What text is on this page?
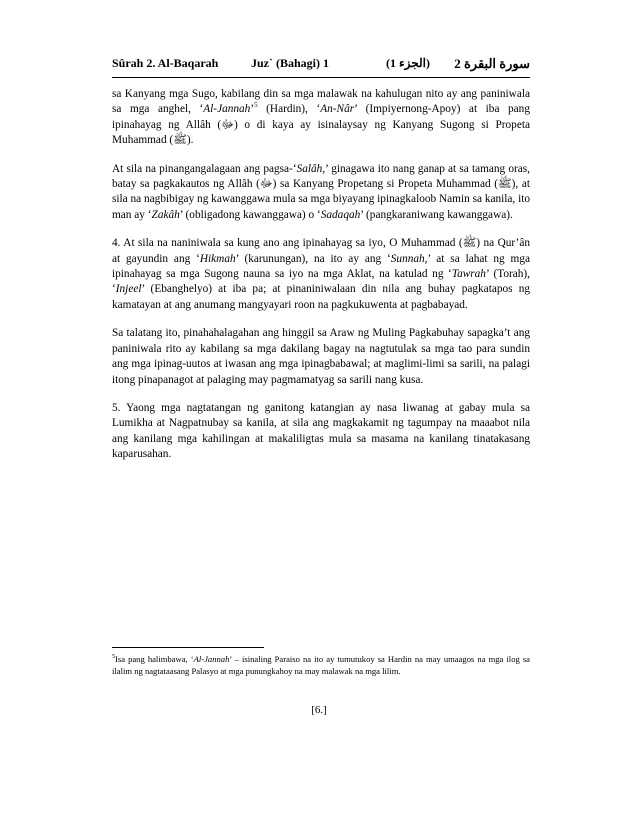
Sûrah 2. Al-Baqarah	Juz` (Bahagi) 1	(الجزء 1) سورة البقرة 2

sa Kanyang mga Sugo, kabilang din sa mga malawak na kahulugan nito ay ang paniniwala sa mga anghel, ‘Al-Jannah’$^5$ (Hardin), ‘An-Nâr’ (Impiyernong-Apoy) at iba pang ipinahayag ng Allâh (ﷻ) o di kaya ay isinalaysay ng Kanyang Sugong si Propeta Muhammad (ﷺ).

At sila na pinangangalagaan ang pagsa-‘Salâh,’ ginagawa ito nang ganap at sa tamang oras, batay sa pagkakautos ng Allâh (ﷻ) sa Kanyang Propetang si Propeta Muhammad (ﷺ), at sila na nagbibigay ng kawanggawa mula sa mga biyayang ipinagkaloob Namin sa kanila, ito man ay ‘Zakâh’ (obligadong kawanggawa) o ‘Sadaqah’ (pangkaraniwang kawanggawa).

4. At sila na naniniwala sa kung ano ang ipinahayag sa iyo, O Muhammad (ﷺ) na Qur’ân at gayundin ang ‘Hikmah’ (karunungan), na ito ay ang ‘Sunnah,’ at sa lahat ng mga ipinahayag sa mga Sugong nauna sa iyo na mga Aklat, na katulad ng ‘Tawrah’ (Torah), ‘Injeel’ (Ebanghelyo) at iba pa; at pinaniniwalaan din nila ang buhay pagkatapos ng kamatayan at ang anumang mangyayari roon na pagkukuwenta at pagbabayad.

Sa talatang ito, pinahahalagahan ang hinggil sa Araw ng Muling Pagkabuhay sapagka’t ang paniniwala rito ay kabilang sa mga dakilang bagay na nagtutulak sa mga tao para sundin ang mga ipinag-uutos at iwasan ang mga ipinagbabawal; at maglimi-limi sa sarili, na palagi itong pinapanagot at palaging may pagmamatyag sa sarili nang kusa.

5. Yaong mga nagtatangan ng ganitong katangian ay nasa liwanag at gabay mula sa Lumikha at Nagpatnubay sa kanila, at sila ang magkakamit ng tagumpay na maaabot nila ang kanilang mga kahilingan at makaliligtas mula sa masama na kanilang tinatakasang kaparusahan.

$^5$Isa pang halimbawa, ‘Al-Jannah’ – isinaling Paraiso na ito ay tumutukoy sa Hardin na may umaagos na mga ilog sa ilalim ng nagtataasang Palasyo at mga punungkahoy na may malawak na mga lilim.

[6.]
